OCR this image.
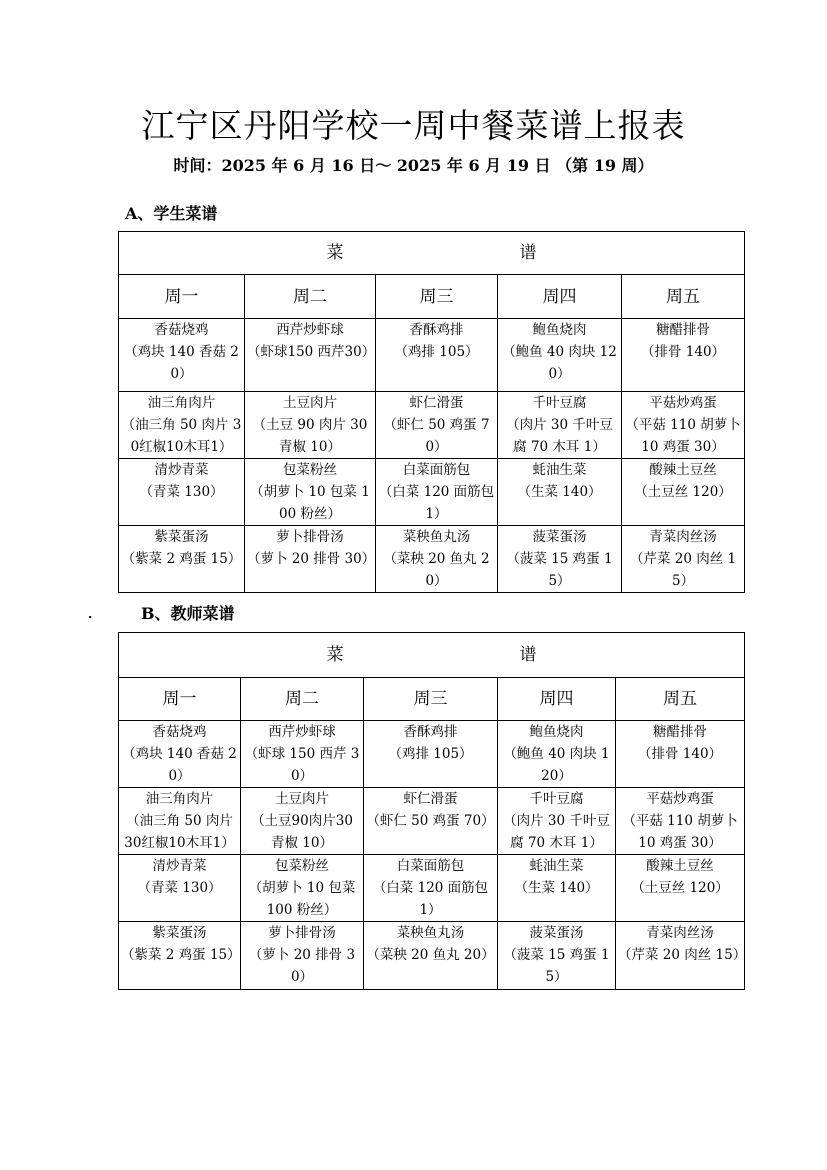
江宁区丹阳学校一周中餐菜谱上报表
时间：2025 年 6 月 16 日～ 2025 年 6 月 19 日 （第 19 周）
A、学生菜谱
菜 谱				
周一	周二	周三	周四	周五

香菇烧鸡
（鸡块 140 香菇 20）	西芹炒虾球
（虾球150 西芹30）	香酥鸡排
（鸡排 105）	鲍鱼烧肉
（鲍鱼 40 肉块 120）	糖醋排骨
（排骨 140）

油三角肉片
（油三角 50 肉片 30红椒10木耳1）	土豆肉片
（土豆 90 肉片 30 青椒 10）	虾仁滑蛋
（虾仁 50 鸡蛋 70）	千叶豆腐
（肉片 30 千叶豆腐 70 木耳 1）	平菇炒鸡蛋
（平菇 110 胡萝卜 10 鸡蛋 30）

清炒青菜
（青菜 130）	包菜粉丝
（胡萝卜 10 包菜 100 粉丝）	白菜面筋包
（白菜 120 面筋包 1）	蚝油生菜
（生菜 140）	酸辣土豆丝
（土豆丝 120）

紫菜蛋汤
（紫菜 2 鸡蛋 15）	萝卜排骨汤
（萝卜 20 排骨 30）	菜秧鱼丸汤
（菜秧 20 鱼丸 20）	菠菜蛋汤
（菠菜 15 鸡蛋 15）	青菜肉丝汤
（芹菜 20 肉丝 15）
． B、教师菜谱
菜 谱				
周一	周二	周三	周四	周五

香菇烧鸡
（鸡块 140 香菇 20）	西芹炒虾球
（虾球 150 西芹 30）	香酥鸡排
（鸡排 105）	鲍鱼烧肉
（鲍鱼 40 肉块 120）	糖醋排骨
（排骨 140）

油三角肉片
（油三角 50 肉片 30红椒10木耳1）	土豆肉片
（土豆90肉片30 青椒 10）	虾仁滑蛋
（虾仁 50 鸡蛋 70）	千叶豆腐
（肉片 30 千叶豆腐 70 木耳 1）	平菇炒鸡蛋
（平菇 110 胡萝卜 10 鸡蛋 30）

清炒青菜
（青菜 130）	包菜粉丝
（胡萝卜 10 包菜 100 粉丝）	白菜面筋包
（白菜 120 面筋包 1）	蚝油生菜
（生菜 140）	酸辣土豆丝
（土豆丝 120）

紫菜蛋汤
（紫菜 2 鸡蛋 15）	萝卜排骨汤
（萝卜 20 排骨 30）	菜秧鱼丸汤
（菜秧 20 鱼丸 20）	菠菜蛋汤
（菠菜 15 鸡蛋 15）	青菜肉丝汤
（芹菜 20 肉丝 15）
